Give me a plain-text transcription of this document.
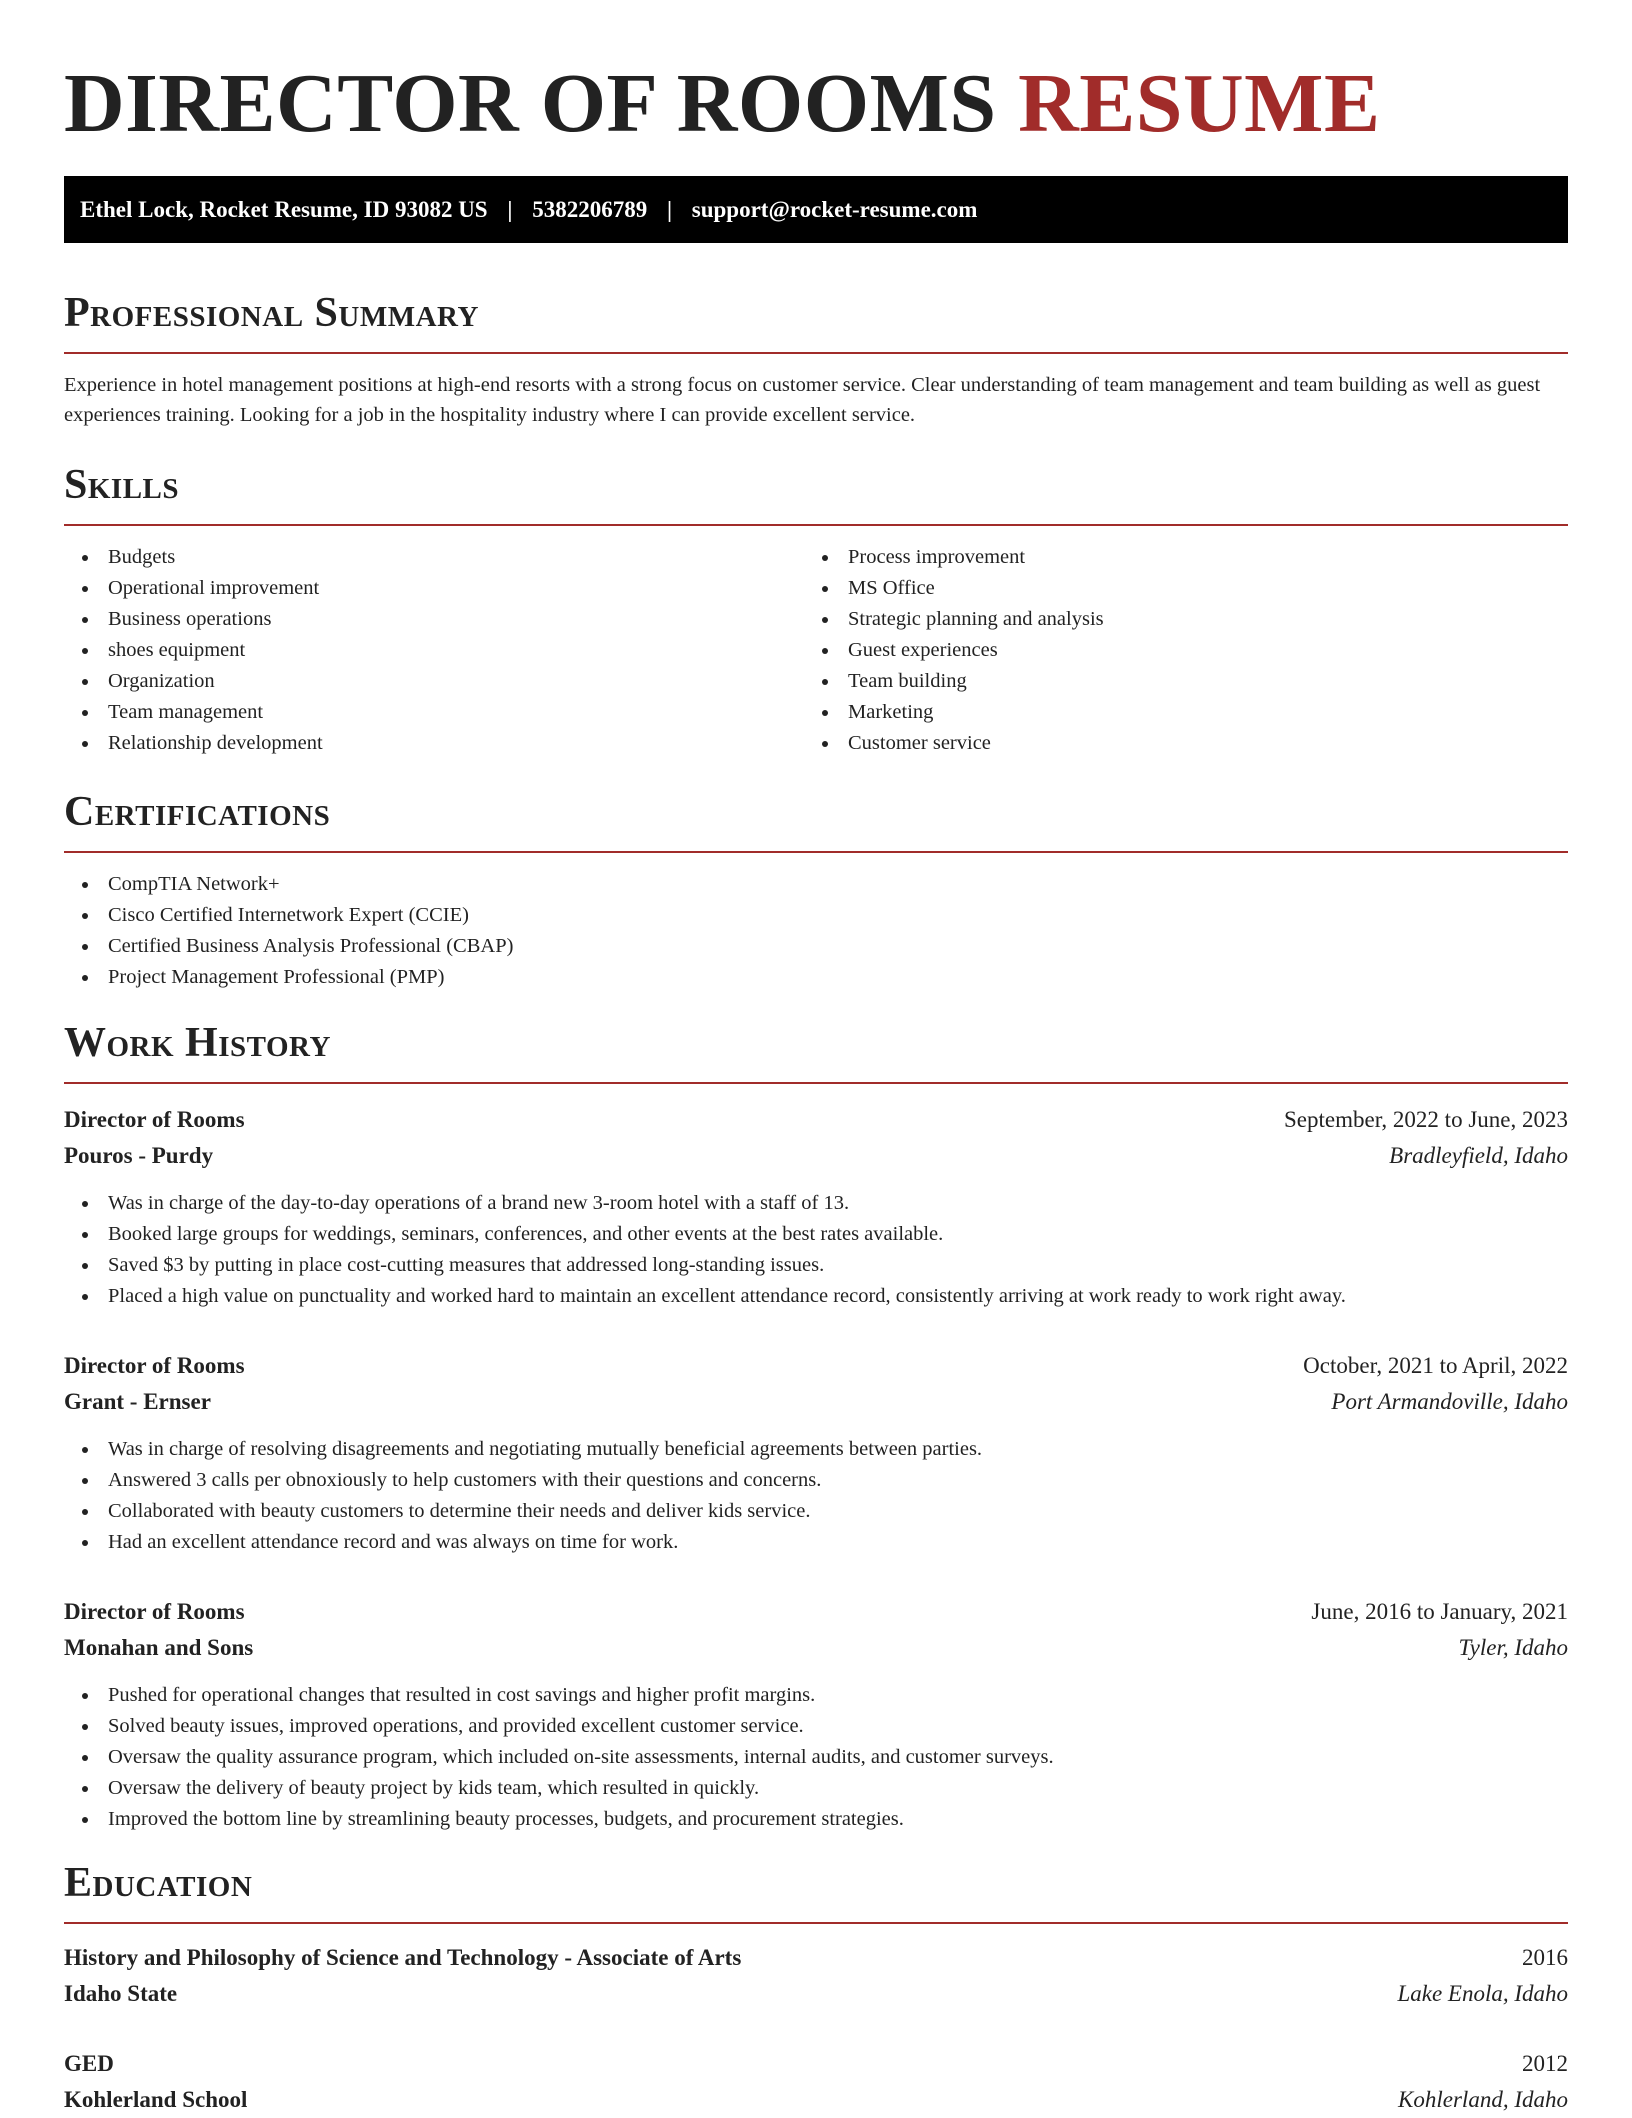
DIRECTOR OF ROOMS RESUME
Ethel Lock, Rocket Resume, ID 93082 US | 5382206789 | support@rocket-resume.com
Professional Summary

Experience in hotel management positions at high-end resorts with a strong focus on customer service. Clear understanding of team management and team building as well as guest experiences training. Looking for a job in the hospitality industry where I can provide excellent service.

Skills
Budgets
Operational improvement
Business operations
shoes equipment
Organization
Team management
Relationship development
Process improvement
MS Office
Strategic planning and analysis
Guest experiences
Team building
Marketing
Customer service
Certifications
CompTIA Network+
Cisco Certified Internetwork Expert (CCIE)
Certified Business Analysis Professional (CBAP)
Project Management Professional (PMP)
Work History
Director of Rooms	September, 2022 to June, 2023
Pouros - Purdy	Bradleyfield, Idaho
Was in charge of the day-to-day operations of a brand new 3-room hotel with a staff of 13.
Booked large groups for weddings, seminars, conferences, and other events at the best rates available.
Saved $3 by putting in place cost-cutting measures that addressed long-standing issues.
Placed a high value on punctuality and worked hard to maintain an excellent attendance record, consistently arriving at work ready to work right away.
Director of Rooms	October, 2021 to April, 2022
Grant - Ernser	Port Armandoville, Idaho
Was in charge of resolving disagreements and negotiating mutually beneficial agreements between parties.
Answered 3 calls per obnoxiously to help customers with their questions and concerns.
Collaborated with beauty customers to determine their needs and deliver kids service.
Had an excellent attendance record and was always on time for work.
Director of Rooms	June, 2016 to January, 2021
Monahan and Sons	Tyler, Idaho
Pushed for operational changes that resulted in cost savings and higher profit margins.
Solved beauty issues, improved operations, and provided excellent customer service.
Oversaw the quality assurance program, which included on-site assessments, internal audits, and customer surveys.
Oversaw the delivery of beauty project by kids team, which resulted in quickly.
Improved the bottom line by streamlining beauty processes, budgets, and procurement strategies.
Education
History and Philosophy of Science and Technology - Associate of Arts	2016
Idaho State	Lake Enola, Idaho
GED	2012
Kohlerland School	Kohlerland, Idaho
